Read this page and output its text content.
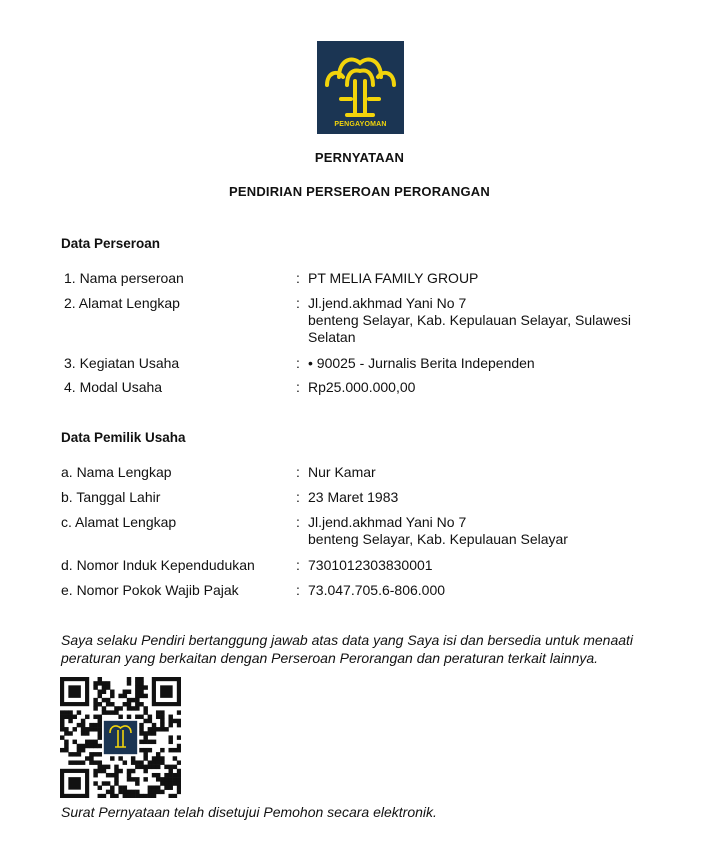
PENGAYOMAN
PERNYATAAN
PENDIRIAN PERSEROAN PERORANGAN
Data Perseroan
1. Nama perseroan	: PT MELIA FAMILY GROUP
2. Alamat Lengkap	: Jl.jend.akhmad Yani No 7
benteng Selayar, Kab. Kepulauan Selayar, Sulawesi
Selatan
3. Kegiatan Usaha	: • 90025 - Jurnalis Berita Independen
4. Modal Usaha	: Rp25.000.000,00
Data Pemilik Usaha
a. Nama Lengkap	: Nur Kamar
b. Tanggal Lahir	: 23 Maret 1983
c. Alamat Lengkap	: Jl.jend.akhmad Yani No 7
benteng Selayar, Kab. Kepulauan Selayar
d. Nomor Induk Kependudukan	: 7301012303830001
e. Nomor Pokok Wajib Pajak	: 73.047.705.6-806.000
Saya selaku Pendiri bertanggung jawab atas data yang Saya isi dan bersedia untuk menaati
peraturan yang berkaitan dengan Perseroan Perorangan dan peraturan terkait lainnya.
Surat Pernyataan telah disetujui Pemohon secara elektronik.
